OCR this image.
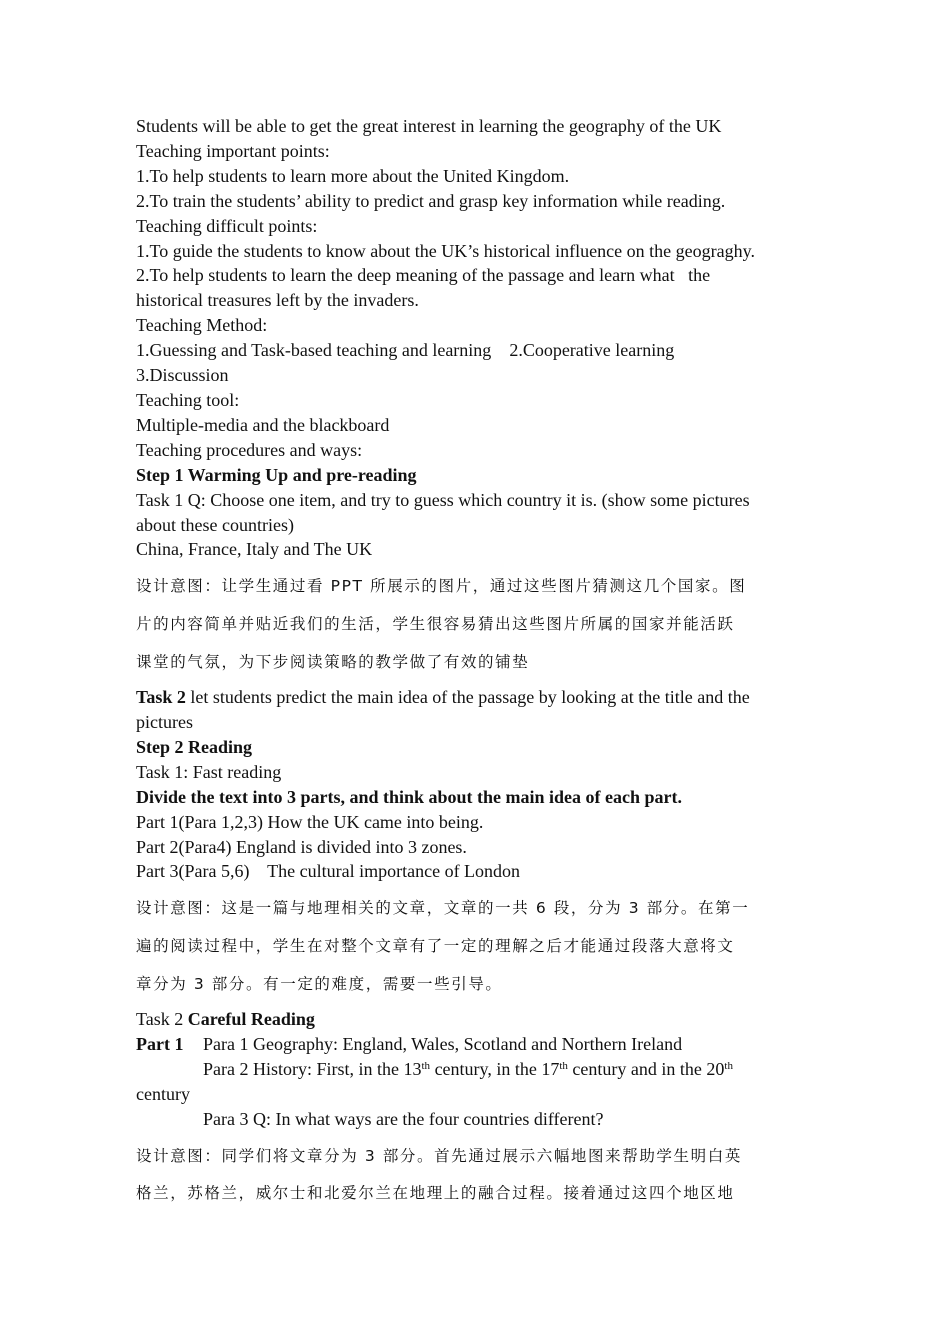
Students will be able to get the great interest in learning the geography of the UK
Teaching important points:
1.To help students to learn more about the United Kingdom.
2.To train the students’ ability to predict and grasp key information while reading.
Teaching difficult points:
1.To guide the students to know about the UK’s historical influence on the geograghy.
2.To help students to learn the deep meaning of the passage and learn what   the
historical treasures left by the invaders.
Teaching Method:
1.Guessing and Task-based teaching and learning 2.Cooperative learning
3.Discussion
Teaching tool:
Multiple-media and the blackboard
Teaching procedures and ways:
Step 1 Warming Up and pre-reading
Task 1 Q: Choose one item, and try to guess which country it is. (show some pictures
about these countries)
China, France, Italy and The UK
设计意图：让学生通过看 PPT 所展示的图片，通过这些图片猜测这几个国家。图
片的内容简单并贴近我们的生活，学生很容易猜出这些图片所属的国家并能活跃
课堂的气氛，为下步阅读策略的教学做了有效的铺垫
Task 2 let students predict the main idea of the passage by looking at the title and the
pictures
Step 2 Reading
Task 1: Fast reading
Divide the text into 3 parts, and think about the main idea of each part.
Part 1(Para 1,2,3) How the UK came into being.
Part 2(Para4) England is divided into 3 zones.
Part 3(Para 5,6)    The cultural importance of London
设计意图：这是一篇与地理相关的文章，文章的一共 6 段，分为 3 部分。在第一
遍的阅读过程中，学生在对整个文章有了一定的理解之后才能通过段落大意将文
章分为 3 部分。有一定的难度，需要一些引导。
Task 2 Careful Reading
Part 1 Para 1 Geography: England, Wales, Scotland and Northern Ireland
Para 2 History: First, in the 13th century, in the 17th century and in the 20th
century
Para 3 Q: In what ways are the four countries different?
设计意图：同学们将文章分为 3 部分。首先通过展示六幅地图来帮助学生明白英
格兰，苏格兰，威尔士和北爱尔兰在地理上的融合过程。接着通过这四个地区地
